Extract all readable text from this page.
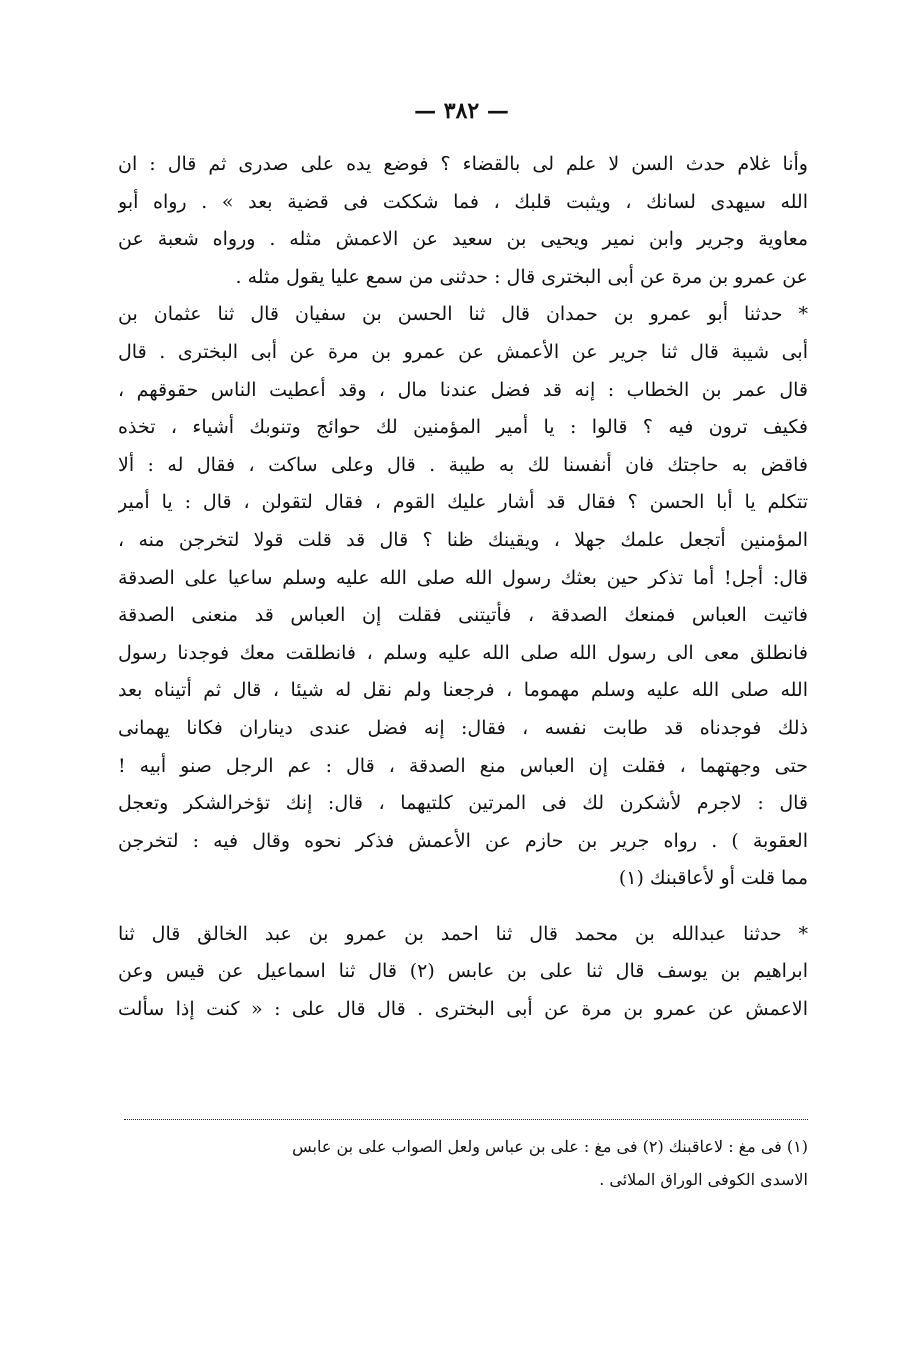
— ٣٨٢ —
وأنا غلام حدث السن لا علم لى بالقضاء ؟ فوضع يده على صدرى ثم قال : ان
الله سيهدى لسانك ، ويثبت قلبك ، فما شككت فى قضية بعد » . رواه أبو
معاوية وجرير وابن نمير ويحيى بن سعيد عن الاعمش مثله . ورواه شعبة عن
عن عمرو بن مرة عن أبى البخترى قال : حدثنى من سمع عليا يقول مثله .
* حدثنا أبو عمرو بن حمدان قال ثنا الحسن بن سفيان قال ثنا عثمان بن
أبى شيبة قال ثنا جرير عن الأعمش عن عمرو بن مرة عن أبى البخترى . قال
قال عمر بن الخطاب : إنه قد فضل عندنا مال ، وقد أعطيت الناس حقوقهم ،
فكيف ترون فيه ؟ قالوا : يا أمير المؤمنين لك حوائج وتنوبك أشياء ، تخذه
فاقض به حاجتك فان أنفسنا لك به طيبة . قال وعلى ساكت ، فقال له : ألا
تتكلم يا أبا الحسن ؟ فقال قد أشار عليك القوم ، فقال لتقولن ، قال : يا أمير
المؤمنين أتجعل علمك جهلا ، ويقينك ظنا ؟ قال قد قلت قولا لتخرجن منه ،
قال: أجل! أما تذكر حين بعثك رسول الله صلى الله عليه وسلم ساعيا على الصدقة
فاتيت العباس فمنعك الصدقة ، فأتيتنى فقلت إن العباس قد منعنى الصدقة
فانطلق معى الى رسول الله صلى الله عليه وسلم ، فانطلقت معك فوجدنا رسول
الله صلى الله عليه وسلم مهموما ، فرجعنا ولم نقل له شيئا ، قال ثم أتيناه بعد
ذلك فوجدناه قد طابت نفسه ، فقال: إنه فضل عندى ديناران فكانا يهمانى
حتى وجهتهما ، فقلت إن العباس منع الصدقة ، قال : عم الرجل صنو أبيه !
قال : لاجرم لأشكرن لك فى المرتين كلتيهما ، قال: إنك تؤخرالشكر وتعجل
العقوبة ) . رواه جرير بن حازم عن الأعمش فذكر نحوه وقال فيه : لتخرجن
مما قلت أو لأعاقبنك (١)
* حدثنا عبدالله بن محمد قال ثنا احمد بن عمرو بن عبد الخالق قال ثنا
ابراهيم بن يوسف قال ثنا على بن عابس (٢) قال ثنا اسماعيل عن قيس وعن
الاعمش عن عمرو بن مرة عن أبى البخترى . قال قال على : « كنت إذا سألت
(١) فى مغ : لاعاقبنك (٢) فى مغ : على بن عباس ولعل الصواب على بن عابس
الاسدى الكوفى الوراق الملائى .
